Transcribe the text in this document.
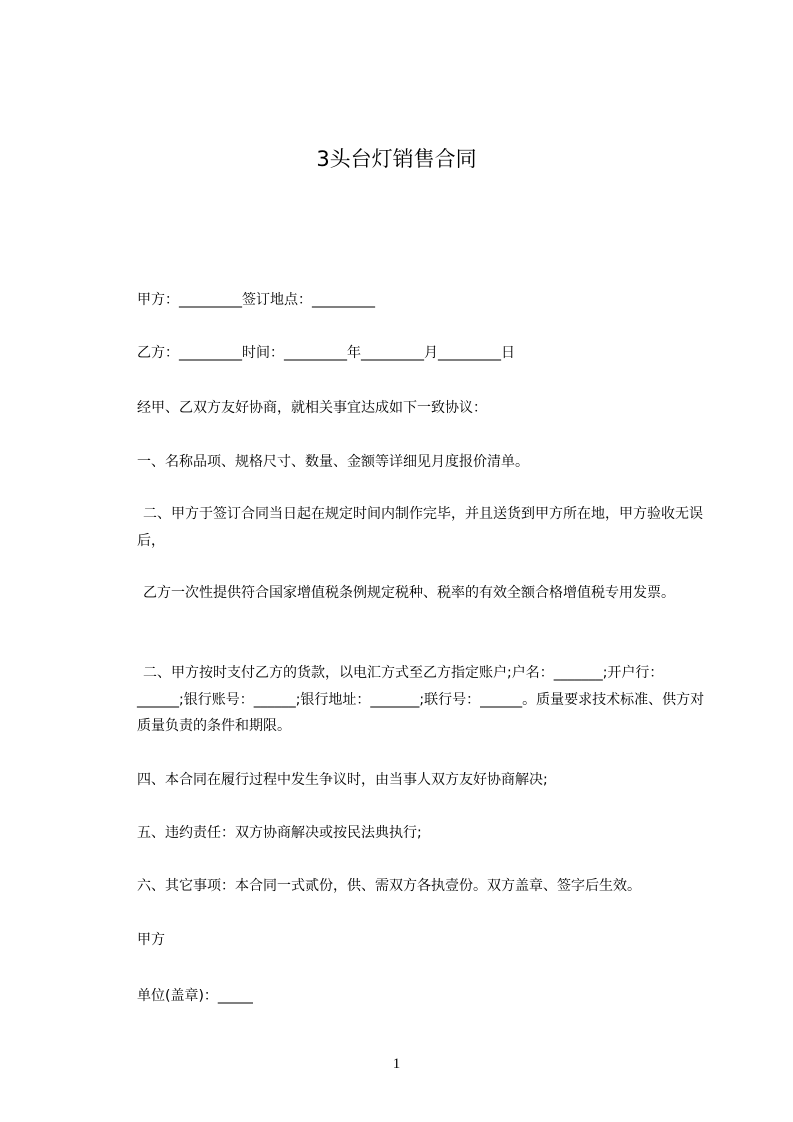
3头台灯销售合同
甲方：_________签订地点：_________
乙方：_________时间：_________年_________月_________日
经甲、乙双方友好协商，就相关事宜达成如下一致协议：
一、名称品项、规格尺寸、数量、金额等详细见月度报价清单。
二、甲方于签订合同当日起在规定时间内制作完毕，并且送货到甲方所在地，甲方验收无误后，
乙方一次性提供符合国家增值税条例规定税种、税率的有效全额合格增值税专用发票。
二、甲方按时支付乙方的货款，以电汇方式至乙方指定账户;户名：_______;开户行：______;银行账号：______;银行地址：_______;联行号：______。质量要求技术标准、供方对质量负责的条件和期限。
四、本合同在履行过程中发生争议时，由当事人双方友好协商解决;
五、违约责任：双方协商解决或按民法典执行;
六、其它事项：本合同一式贰份，供、需双方各执壹份。双方盖章、签字后生效。
甲方
单位(盖章)：_____
1
